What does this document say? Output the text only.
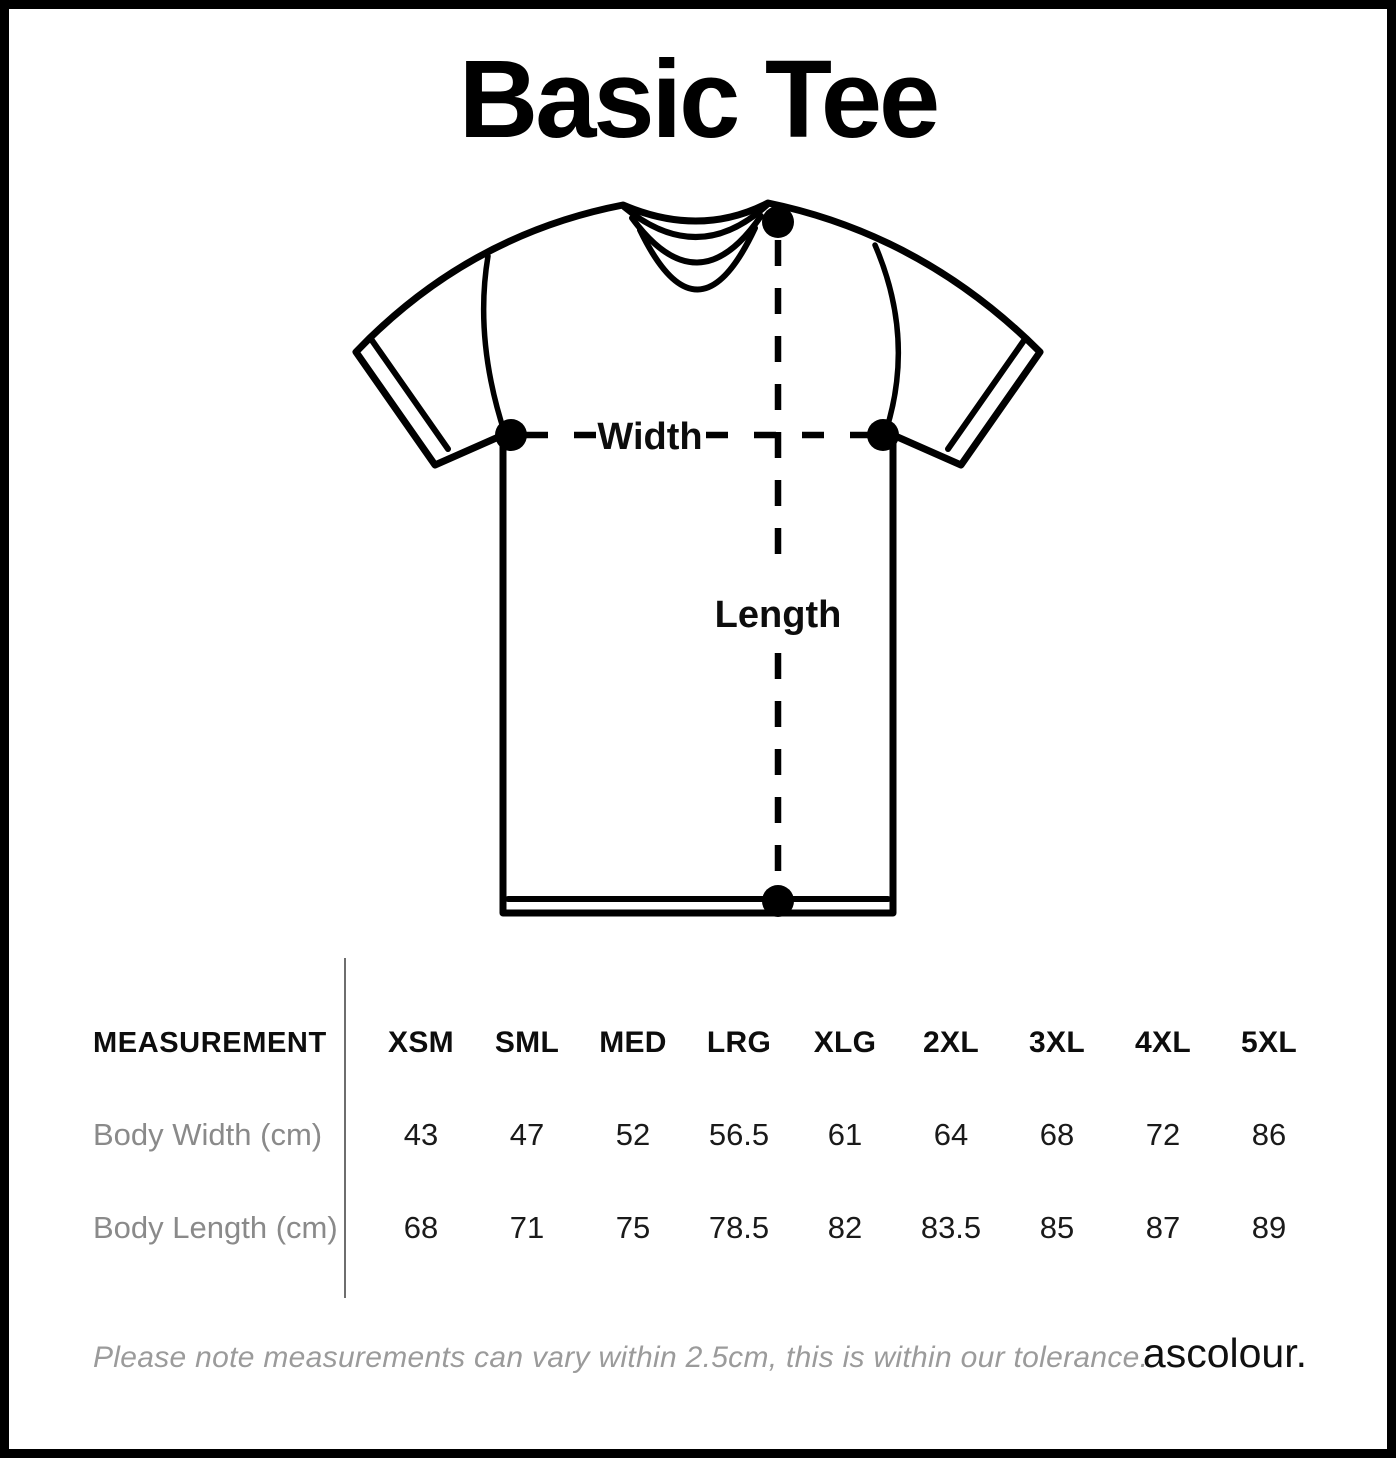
Basic Tee
Width
Length
MEASUREMENT	XSM	SML	MED	LRG	XLG	2XL	3XL	4XL	5XL
Body Width (cm)	43	47	52	56.5	61	64	68	72	86
Body Length (cm)	68	71	75	78.5	82	83.5	85	87	89
Please note measurements can vary within 2.5cm, this is within our tolerance.
ascolour.
